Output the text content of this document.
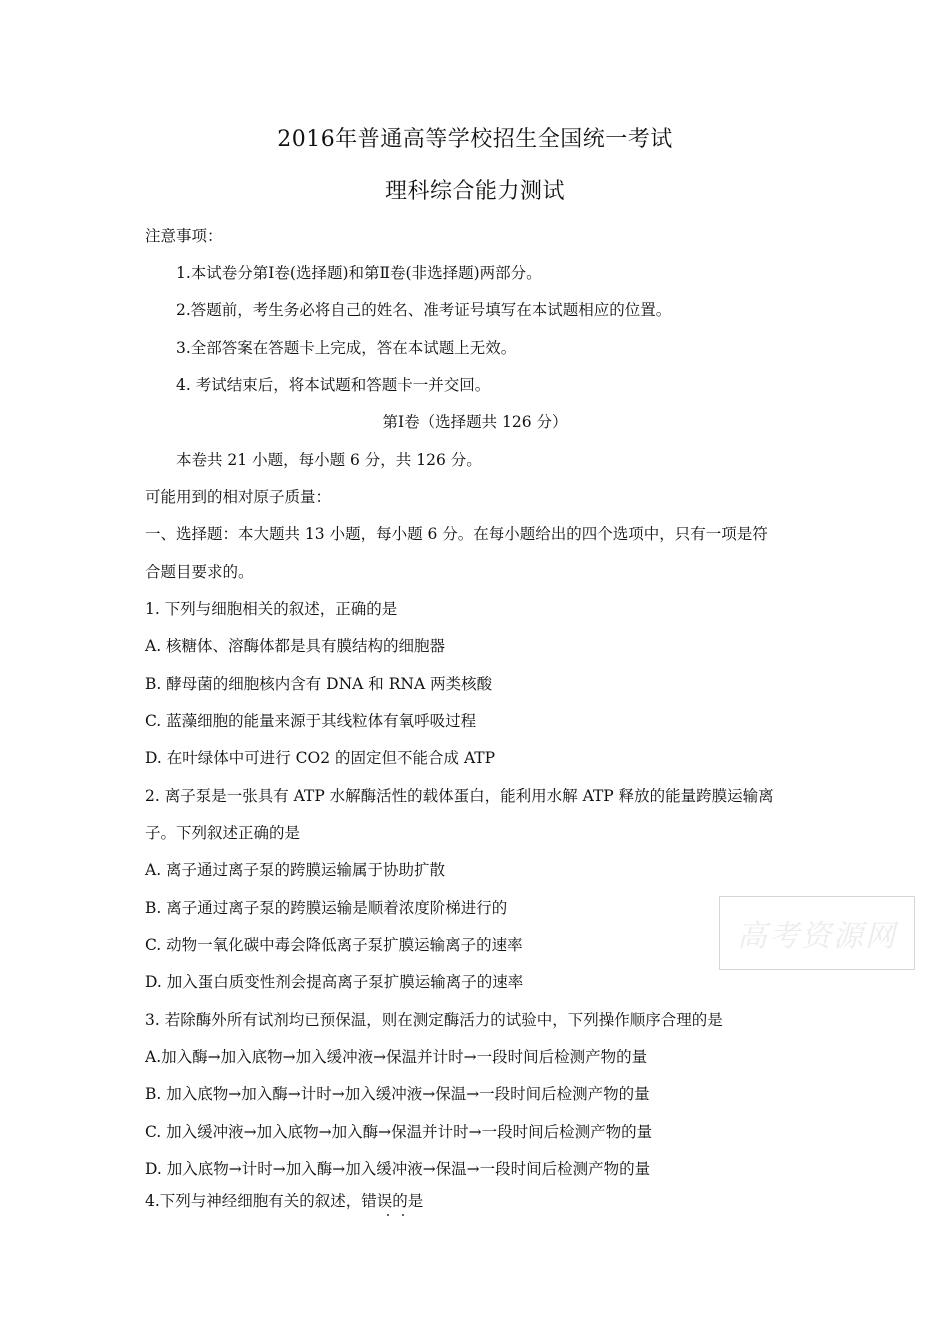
2016年普通高等学校招生全国统一考试
理科综合能力测试
注意事项：
1.本试卷分第Ⅰ卷(选择题)和第Ⅱ卷(非选择题)两部分。
2.答题前，考生务必将自己的姓名、准考证号填写在本试题相应的位置。
3.全部答案在答题卡上完成，答在本试题上无效。
4. 考试结束后，将本试题和答题卡一并交回。
第Ⅰ卷（选择题共 126 分）
本卷共 21 小题，每小题 6 分，共 126 分。
可能用到的相对原子质量：
一、选择题：本大题共 13 小题，每小题 6 分。在每小题给出的四个选项中，只有一项是符
合题目要求的。
1. 下列与细胞相关的叙述，正确的是
A. 核糖体、溶酶体都是具有膜结构的细胞器
B. 酵母菌的细胞核内含有 DNA 和 RNA 两类核酸
C. 蓝藻细胞的能量来源于其线粒体有氧呼吸过程
D. 在叶绿体中可进行 CO2 的固定但不能合成 ATP
2. 离子泵是一张具有 ATP 水解酶活性的载体蛋白，能利用水解 ATP 释放的能量跨膜运输离
子。下列叙述正确的是
A. 离子通过离子泵的跨膜运输属于协助扩散
B. 离子通过离子泵的跨膜运输是顺着浓度阶梯进行的
C. 动物一氧化碳中毒会降低离子泵扩膜运输离子的速率
D. 加入蛋白质变性剂会提高离子泵扩膜运输离子的速率
3. 若除酶外所有试剂均已预保温，则在测定酶活力的试验中，下列操作顺序合理的是
A.加入酶→加入底物→加入缓冲液→保温并计时→一段时间后检测产物的量
B. 加入底物→加入酶→计时→加入缓冲液→保温→一段时间后检测产物的量
C. 加入缓冲液→加入底物→加入酶→保温并计时→一段时间后检测产物的量
D. 加入底物→计时→加入酶→加入缓冲液→保温→一段时间后检测产物的量
4.下列与神经细胞有关的叙述，错误的是
高考资源网
